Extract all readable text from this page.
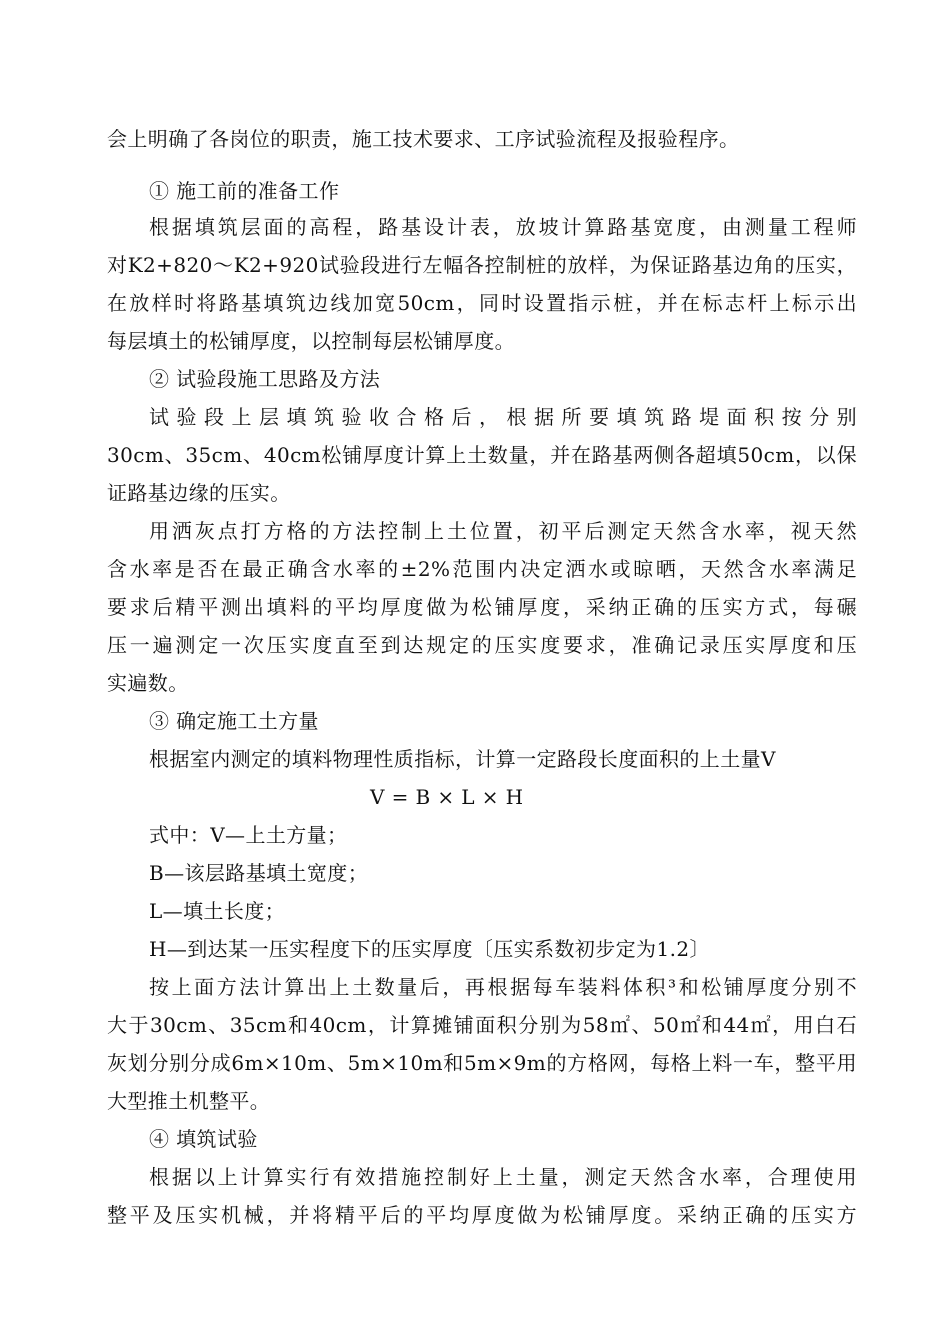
会上明确了各岗位的职责，施工技术要求、工序试验流程及报验程序。
① 施工前的准备工作
根据填筑层面的高程，路基设计表，放坡计算路基宽度，由测量工程师
对K2+820～K2+920试验段进行左幅各控制桩的放样，为保证路基边角的压实，
在放样时将路基填筑边线加宽50cm，同时设置指示桩，并在标志杆上标示出
每层填土的松铺厚度，以控制每层松铺厚度。
② 试验段施工思路及方法
试验段上层填筑验收合格后，根据所要填筑路堤面积按分别
30cm、35cm、40cm松铺厚度计算上土数量，并在路基两侧各超填50cm，以保
证路基边缘的压实。
用洒灰点打方格的方法控制上土位置，初平后测定天然含水率，视天然
含水率是否在最正确含水率的±2%范围内决定洒水或晾晒，天然含水率满足
要求后精平测出填料的平均厚度做为松铺厚度，采纳正确的压实方式，每碾
压一遍测定一次压实度直至到达规定的压实度要求，准确记录压实厚度和压
实遍数。
③ 确定施工土方量
根据室内测定的填料物理性质指标，计算一定路段长度面积的上土量V
V = B × L × H
式中：V—上土方量；
B—该层路基填土宽度；
L—填土长度；
H—到达某一压实程度下的压实厚度〔压实系数初步定为1.2〕
按上面方法计算出上土数量后，再根据每车装料体积³和松铺厚度分别不
大于30cm、35cm和40cm，计算摊铺面积分别为58㎡、50㎡和44㎡，用白石
灰划分别分成6m×10m、5m×10m和5m×9m的方格网，每格上料一车，整平用
大型推土机整平。
④ 填筑试验
根据以上计算实行有效措施控制好上土量，测定天然含水率，合理使用
整平及压实机械，并将精平后的平均厚度做为松铺厚度。采纳正确的压实方
